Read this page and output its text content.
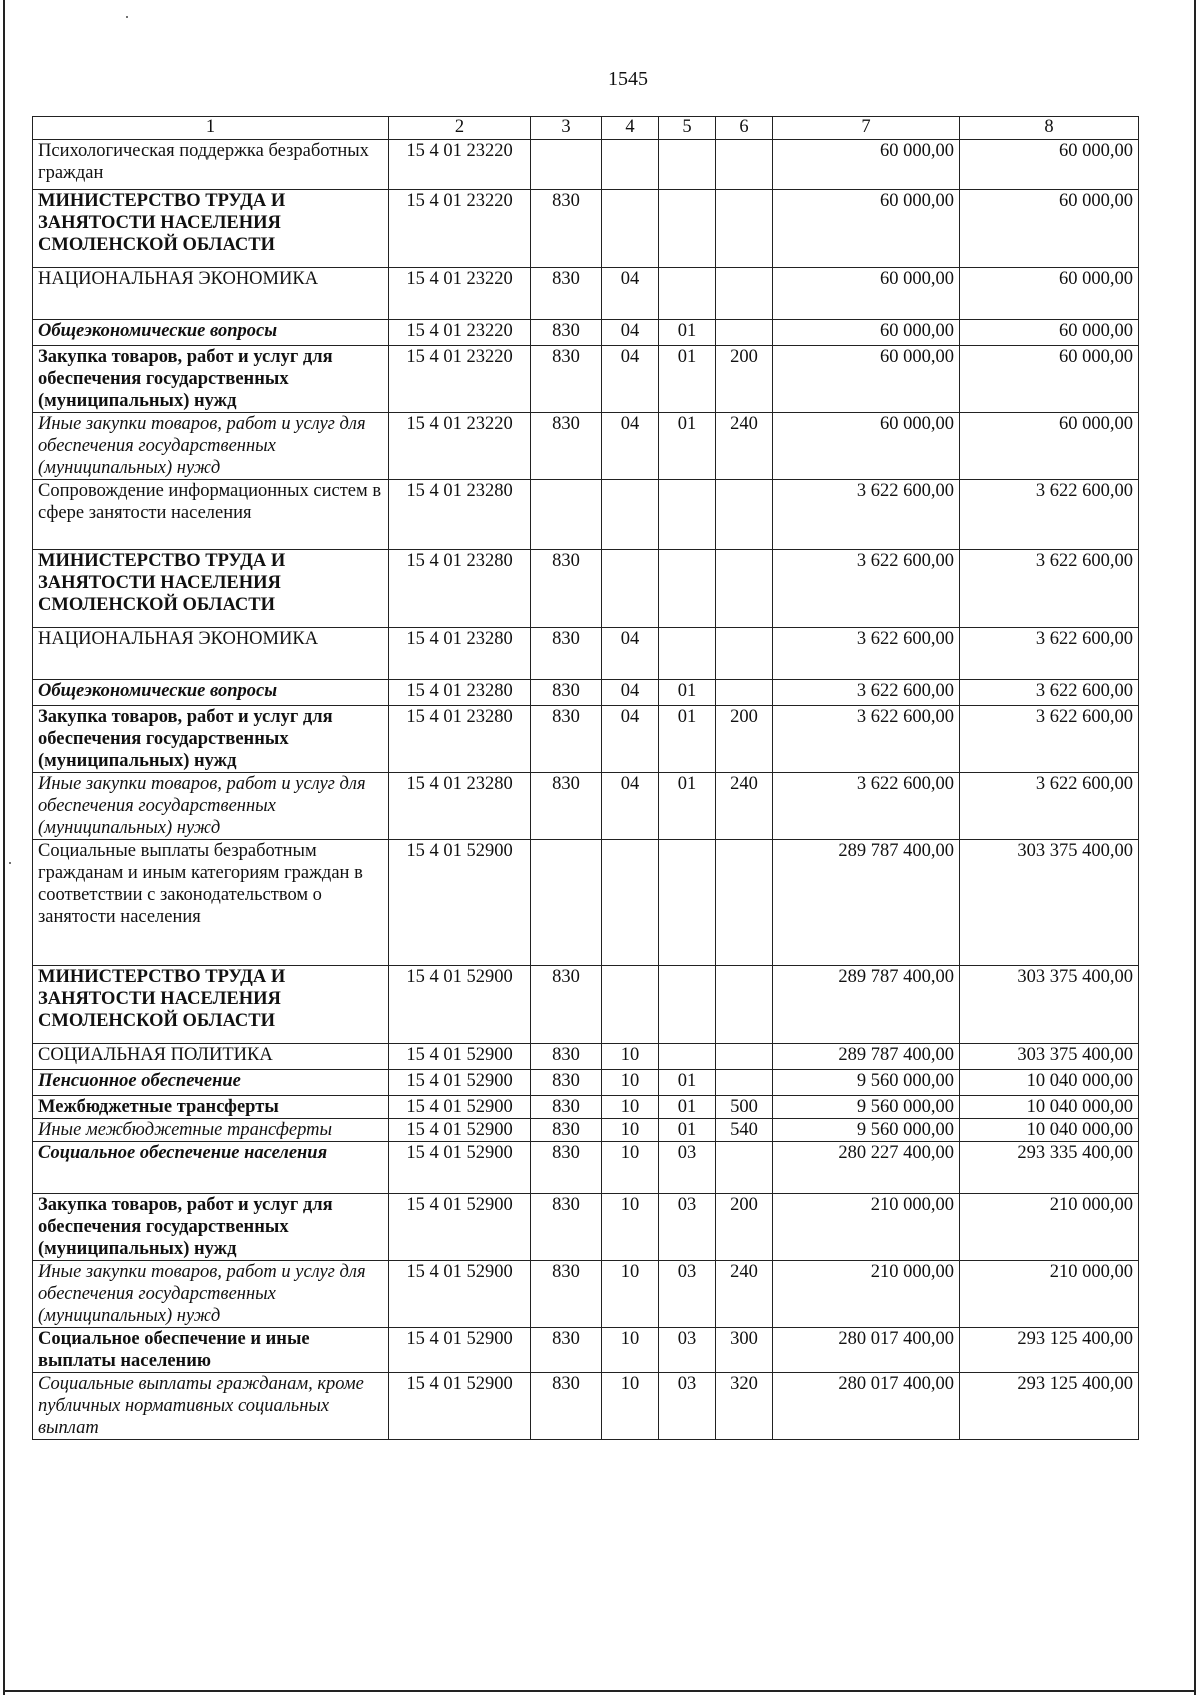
1545
1	2	3	4	5	6	7	8
Психологическая поддержка безработных граждан	15 4 01 23220					60 000,00	60 000,00
МИНИСТЕРСТВО ТРУДА И ЗАНЯТОСТИ НАСЕЛЕНИЯ СМОЛЕНСКОЙ ОБЛАСТИ	15 4 01 23220	830				60 000,00	60 000,00
НАЦИОНАЛЬНАЯ ЭКОНОМИКА	15 4 01 23220	830	04			60 000,00	60 000,00
Общеэкономические вопросы	15 4 01 23220	830	04	01		60 000,00	60 000,00
Закупка товаров, работ и услуг для обеспечения государственных (муниципальных) нужд	15 4 01 23220	830	04	01	200	60 000,00	60 000,00
Иные закупки товаров, работ и услуг для обеспечения государственных (муниципальных) нужд	15 4 01 23220	830	04	01	240	60 000,00	60 000,00
Сопровождение информационных систем в сфере занятости населения	15 4 01 23280					3 622 600,00	3 622 600,00
МИНИСТЕРСТВО ТРУДА И ЗАНЯТОСТИ НАСЕЛЕНИЯ СМОЛЕНСКОЙ ОБЛАСТИ	15 4 01 23280	830				3 622 600,00	3 622 600,00
НАЦИОНАЛЬНАЯ ЭКОНОМИКА	15 4 01 23280	830	04			3 622 600,00	3 622 600,00
Общеэкономические вопросы	15 4 01 23280	830	04	01		3 622 600,00	3 622 600,00
Закупка товаров, работ и услуг для обеспечения государственных (муниципальных) нужд	15 4 01 23280	830	04	01	200	3 622 600,00	3 622 600,00
Иные закупки товаров, работ и услуг для обеспечения государственных (муниципальных) нужд	15 4 01 23280	830	04	01	240	3 622 600,00	3 622 600,00
Социальные выплаты безработным гражданам и иным категориям граждан в соответствии с законодательством о занятости населения	15 4 01 52900					289 787 400,00	303 375 400,00
МИНИСТЕРСТВО ТРУДА И ЗАНЯТОСТИ НАСЕЛЕНИЯ СМОЛЕНСКОЙ ОБЛАСТИ	15 4 01 52900	830				289 787 400,00	303 375 400,00
СОЦИАЛЬНАЯ ПОЛИТИКА	15 4 01 52900	830	10			289 787 400,00	303 375 400,00
Пенсионное обеспечение	15 4 01 52900	830	10	01		9 560 000,00	10 040 000,00
Межбюджетные трансферты	15 4 01 52900	830	10	01	500	9 560 000,00	10 040 000,00
Иные межбюджетные трансферты	15 4 01 52900	830	10	01	540	9 560 000,00	10 040 000,00
Социальное обеспечение населения	15 4 01 52900	830	10	03		280 227 400,00	293 335 400,00
Закупка товаров, работ и услуг для обеспечения государственных (муниципальных) нужд	15 4 01 52900	830	10	03	200	210 000,00	210 000,00
Иные закупки товаров, работ и услуг для обеспечения государственных (муниципальных) нужд	15 4 01 52900	830	10	03	240	210 000,00	210 000,00
Социальное обеспечение и иные выплаты населению	15 4 01 52900	830	10	03	300	280 017 400,00	293 125 400,00
Социальные выплаты гражданам, кроме публичных нормативных социальных выплат	15 4 01 52900	830	10	03	320	280 017 400,00	293 125 400,00
